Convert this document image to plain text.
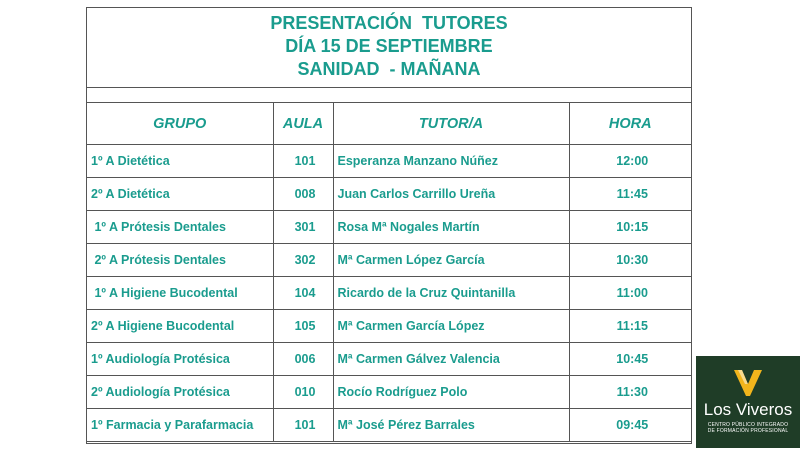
PRESENTACIÓN  TUTORES
DÍA 15 DE SEPTIEMBRE
SANIDAD  - MAÑANA
GRUPO	AULA	TUTOR/A	HORA
1º A Dietética	101	Esperanza Manzano Núñez	12:00
2º A Dietética	008	Juan Carlos Carrillo Ureña	11:45
1º A Prótesis Dentales	301	Rosa Mª Nogales Martín	10:15
2º A Prótesis Dentales	302	Mª Carmen López García	10:30
1º A Higiene Bucodental	104	Ricardo de la Cruz Quintanilla	11:00
2º A Higiene Bucodental	105	Mª Carmen García López	11:15
1º Audiología Protésica	006	Mª Carmen Gálvez Valencia	10:45
2º Audiología Protésica	010	Rocío Rodríguez Polo	11:30
1º Farmacia y Parafarmacia	101	Mª José Pérez Barrales	09:45
Los Viveros
CENTRO PÚBLICO INTEGRADO
DE FORMACIÓN PROFESIONAL
